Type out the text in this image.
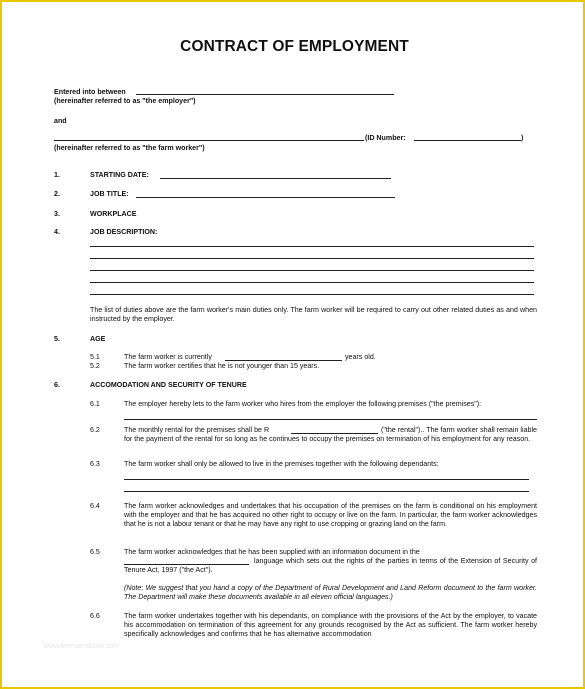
CONTRACT OF EMPLOYMENT
Entered into between
(hereinafter referred to as "the employer")
and
(ID Number:	)
(hereinafter referred to as "the farm worker")
1.	STARTING DATE:
2.	JOB TITLE:
3.	WORKPLACE
4.	JOB DESCRIPTION:
The list of duties above are the farm worker's main duties only. The farm worker will be required to carry out other related duties as and when instructed by the employer.
5.	AGE
5.1	The farm worker is currently	years old.
5.2	The farm worker certifies that he is not younger than 15 years.
6.	ACCOMODATION AND SECURITY OF TENURE
6.1	The employer hereby lets to the farm worker who hires from the employer the following premises ("the premises"):
6.2	The monthly rental for the premises shall be R	("the rental").. The farm worker shall remain liable for the payment of the rental for so long as he continues to occupy the premises on termination of his employment for any reason.
6.3	The farm worker shall only be allowed to live in the premises together with the following dependants:
6.4	The farm worker acknowledges and undertakes that his occupation of the premises on the farm is conditional on his employment with the employer and that he has acquired no other right to occupy or live on the farm. In particular, the farm worker acknowledges that he is not a labour tenant or that he may have any right to use cropping or grazing land on the farm.
6.5	The farm worker acknowledges that he has been supplied with an information document in the
language which sets out the rights of the parties in terms of the Extension of Security of Tenure Act, 1997 ("the Act").
(Note: We suggest that you hand a copy of the Department of Rural Development and Land Reform document to the farm worker. The Department will make these documents available in all eleven official languages.)
6.6	The farm worker undertakes together with his dependants, on compliance with the provisions of the Act by the employer, to vacate his accommodation on termination of this agreement for any grounds recognised by the Act as sufficient. The farm worker hereby specifically acknowledges and confirms that he has alternative accommodation
www.freesamplesw.com
